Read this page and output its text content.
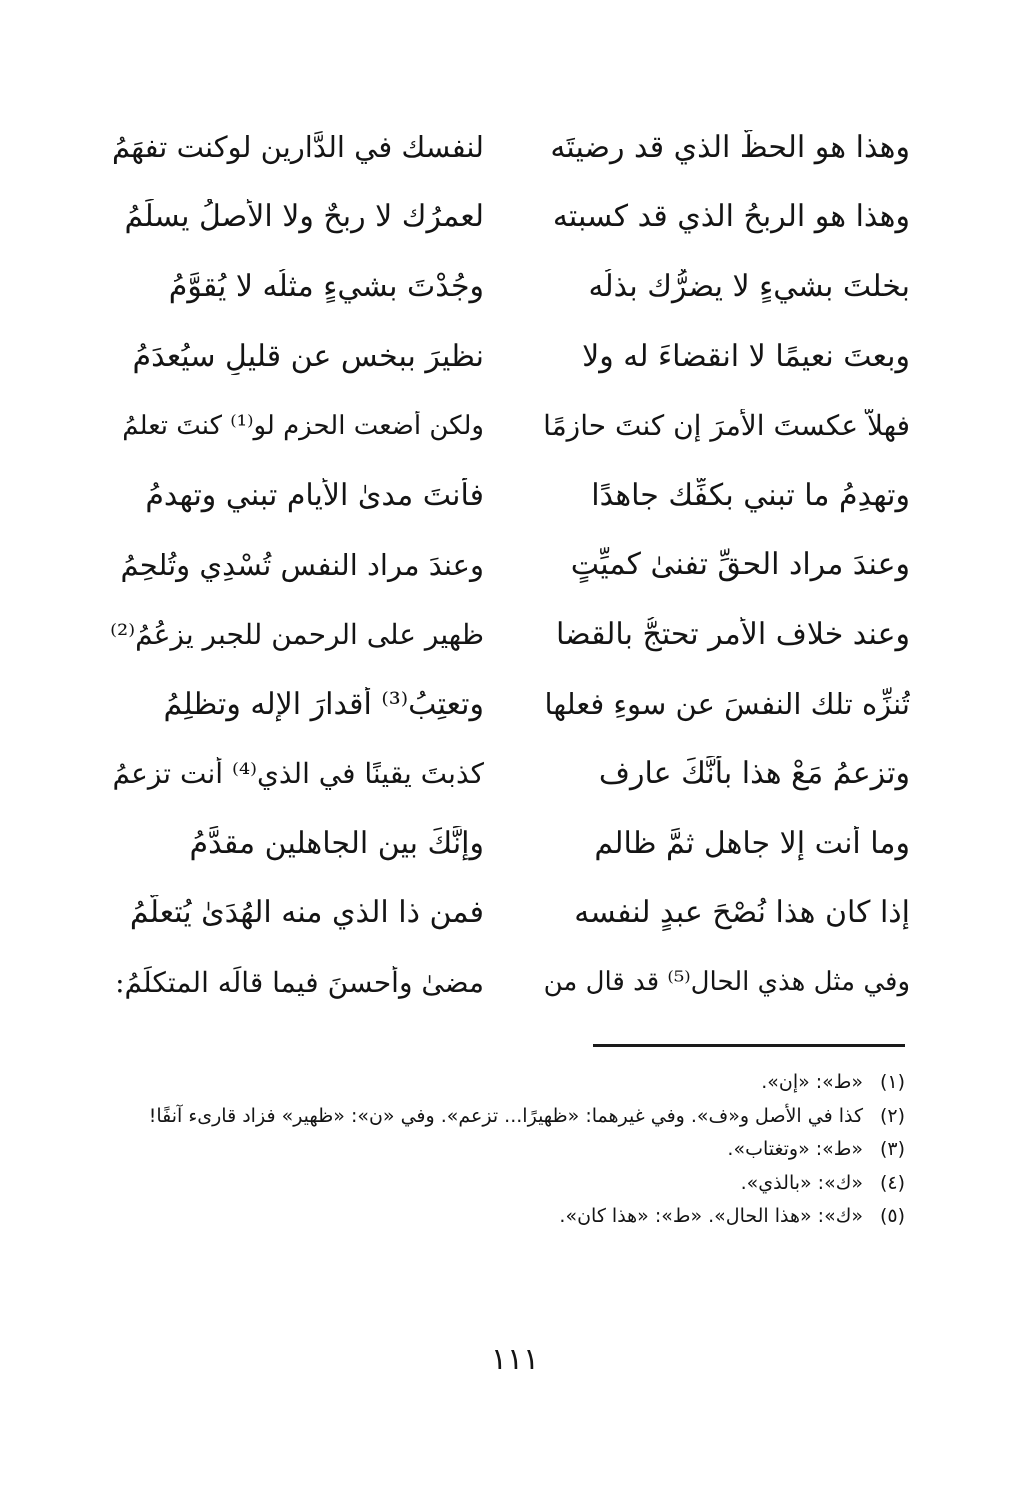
وهذا هو الحظُّ الذي قد رضيتَه
لنفسك في الدَّارين لوكنت تفهَمُ
وهذا هو الربحُ الذي قد كسبته
لعمرُك لا ربحٌ ولا الأصلُ يسلَمُ
بخلتَ بشيءٍ لا يضرُّك بذلُه
وجُدْتَ بشيءٍ مثلُه لا يُقوَّمُ
وبعتَ نعيمًا لا انقضاءَ له ولا
نظيرَ ببخسٍ عن قليلٍ سيُعدَمُ
فهلاَّ عكستَ الأمرَ إن كنتَ حازمًا
ولكن أضعت الحزم لو⁽¹⁾ كنتَ تعلمُ
وتهدِمُ ما تبني بكفِّك جاهدًا
فأنتَ مدىٰ الأيام تبني وتهدمُ
وعندَ مراد الحقِّ تفنىٰ كميِّتٍ
وعندَ مراد النفس تُسْدِي وتُلحِمُ
وعند خلاف الأمر تحتجُّ بالقضا
ظهير على الرحمن للجبر يزعُمُ⁽²⁾
تُنزِّه تلك النفسَ عن سوءِ فعلها
وتعتِبُ⁽³⁾ أقدارَ الإله وتظلِمُ
وتزعمُ مَعْ هذا بأنَّكَ عارف
كذبتَ يقينًا في الذي⁽⁴⁾ أنت تزعمُ
وما أنت إلا جاهل ثمَّ ظالم
وإنَّكَ بين الجاهلين مقدَّمُ
إذا كان هذا نُصْحَ عبدٍ لنفسه
فمن ذا الذي منه الهُدَىٰ يُتعلَّمُ
وفي مثل هذي الحال⁽⁵⁾ قد قال من
مضىٰ وأحسنَ فيما قالَه المتكلِّمُ:
(١)
«ط»: «إن».
(٢)
كذا في الأصل و«ف». وفي غيرهما: «ظهيرًا... تزعم». وفي «ن»: «ظهير» فزاد قارىء آنفًا!
(٣)
«ط»: «وتغتاب».
(٤)
«ك»: «بالذي».
(٥)
«ك»: «هذا الحال». «ط»: «هذا كان».
١١١
